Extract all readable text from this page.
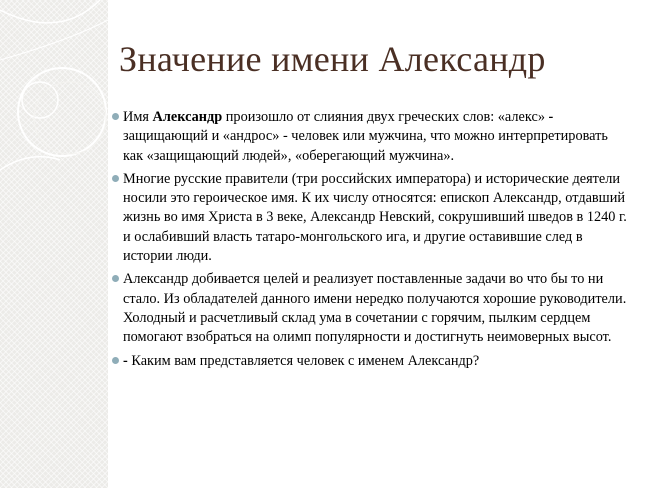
Значение имени Александр
Имя Александр произошло от слияния двух греческих слов: «алекс» - защищающий и «андрос» - человек или мужчина, что можно интерпретировать как «защищающий людей», «оберегающий мужчина».
Многие русские правители (три российских императора) и исторические деятели носили это героическое имя. К их числу относятся: епископ Александр, отдавший жизнь во имя Христа в 3 веке, Александр Невский, сокрушивший шведов в 1240 г. и ослабивший власть татаро-монгольского ига, и другие оставившие след в истории люди.
Александр добивается целей и реализует поставленные задачи во что бы то ни стало. Из обладателей данного имени нередко получаются хорошие руководители. Холодный и расчетливый склад ума в сочетании с горячим, пылким сердцем помогают взобраться на олимп популярности и достигнуть неимоверных высот.
- Каким вам представляется человек с именем Александр?
